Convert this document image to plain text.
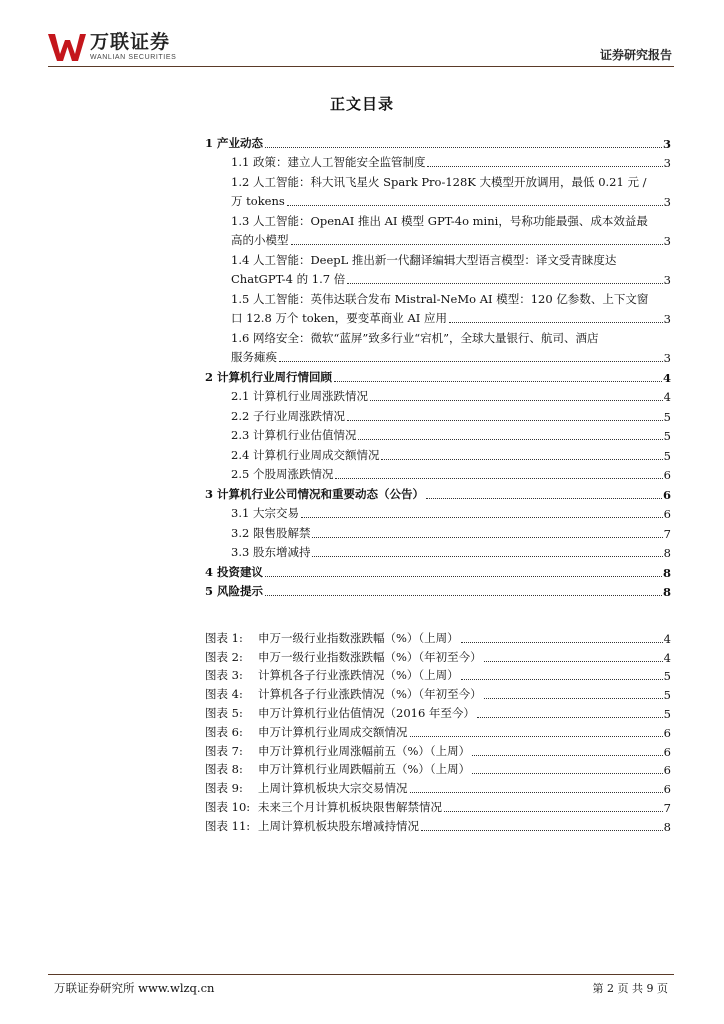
万联证券
WANLIAN SECURITIES	证券研究报告
正文目录
1 产业动态	3
1.1 政策：建立人工智能安全监管制度	3
1.2 人工智能：科大讯飞星火 Spark Pro-128K 大模型开放调用，最低 0.21 元 /
万 tokens	3
1.3 人工智能：OpenAI 推出 AI 模型 GPT-4o mini，号称功能最强、成本效益最
高的小模型	3
1.4 人工智能：DeepL 推出新一代翻译编辑大型语言模型：译文受青睐度达
ChatGPT-4 的 1.7 倍	3
1.5 人工智能：英伟达联合发布 Mistral-NeMo AI 模型：120 亿参数、上下文窗
口 12.8 万个 token，要变革商业 AI 应用	3
1.6 网络安全：微软“蓝屏”致多行业“宕机”，全球大量银行、航司、酒店
服务瘫痪	3
2 计算机行业周行情回顾	4
2.1 计算机行业周涨跌情况	4
2.2 子行业周涨跌情况	5
2.3 计算机行业估值情况	5
2.4 计算机行业周成交额情况	5
2.5 个股周涨跌情况	6
3 计算机行业公司情况和重要动态（公告）	6
3.1 大宗交易	6
3.2 限售股解禁	7
3.3 股东增减持	8
4 投资建议	8
5 风险提示	8
图表 1:	申万一级行业指数涨跌幅（%）（上周）	4
图表 2:	申万一级行业指数涨跌幅（%）（年初至今）	4
图表 3:	计算机各子行业涨跌情况（%）（上周）	5
图表 4:	计算机各子行业涨跌情况（%）（年初至今）	5
图表 5:	申万计算机行业估值情况（2016 年至今）	5
图表 6:	申万计算机行业周成交额情况	6
图表 7:	申万计算机行业周涨幅前五（%）（上周）	6
图表 8:	申万计算机行业周跌幅前五（%）（上周）	6
图表 9:	上周计算机板块大宗交易情况	6
图表 10: 未来三个月计算机板块限售解禁情况	7
图表 11: 上周计算机板块股东增减持情况	8
万联证券研究所 www.wlzq.cn	第 2 页 共 9 页
